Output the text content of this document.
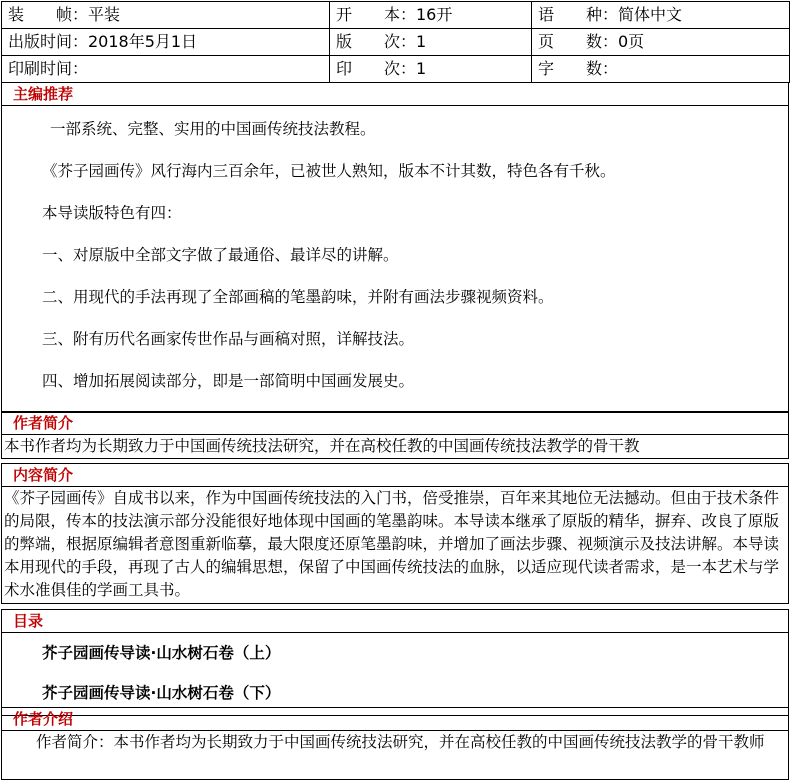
装　　帧：平装	开　　本：16开	语　　种：简体中文
出版时间：2018年5月1日	版　　次：1	页　　数：0页
印刷时间：	印　　次：1	字　　数：
主编推荐

一部系统、完整、实用的中国画传统技法教程。

《芥子园画传》风行海内三百余年，已被世人熟知，版本不计其数，特色各有千秋。

本导读版特色有四：

一、对原版中全部文字做了最通俗、最详尽的讲解。

二、用现代的手法再现了全部画稿的笔墨韵味，并附有画法步骤视频资料。

三、附有历代名画家传世作品与画稿对照，详解技法。

四、增加拓展阅读部分，即是一部简明中国画发展史。

作者简介
本书作者均为长期致力于中国画传统技法研究，并在高校任教的中国画传统技法教学的骨干教
内容简介
《芥子园画传》自成书以来，作为中国画传统技法的入门书，倍受推崇，百年来其地位无法撼动。但由于技术条件的局限，传本的技法演示部分没能很好地体现中国画的笔墨韵味。本导读本继承了原版的精华，摒弃、改良了原版的弊端，根据原编辑者意图重新临摹，最大限度还原笔墨韵味，并增加了画法步骤、视频演示及技法讲解。本导读本用现代的手段，再现了古人的编辑思想，保留了中国画传统技法的血脉，以适应现代读者需求，是一本艺术与学术水准俱佳的学画工具书。
目录
芥子园画传导读·山水树石卷（上）
芥子园画传导读·山水树石卷（下）
作者介绍
作者简介：本书作者均为长期致力于中国画传统技法研究，并在高校任教的中国画传统技法教学的骨干教师
